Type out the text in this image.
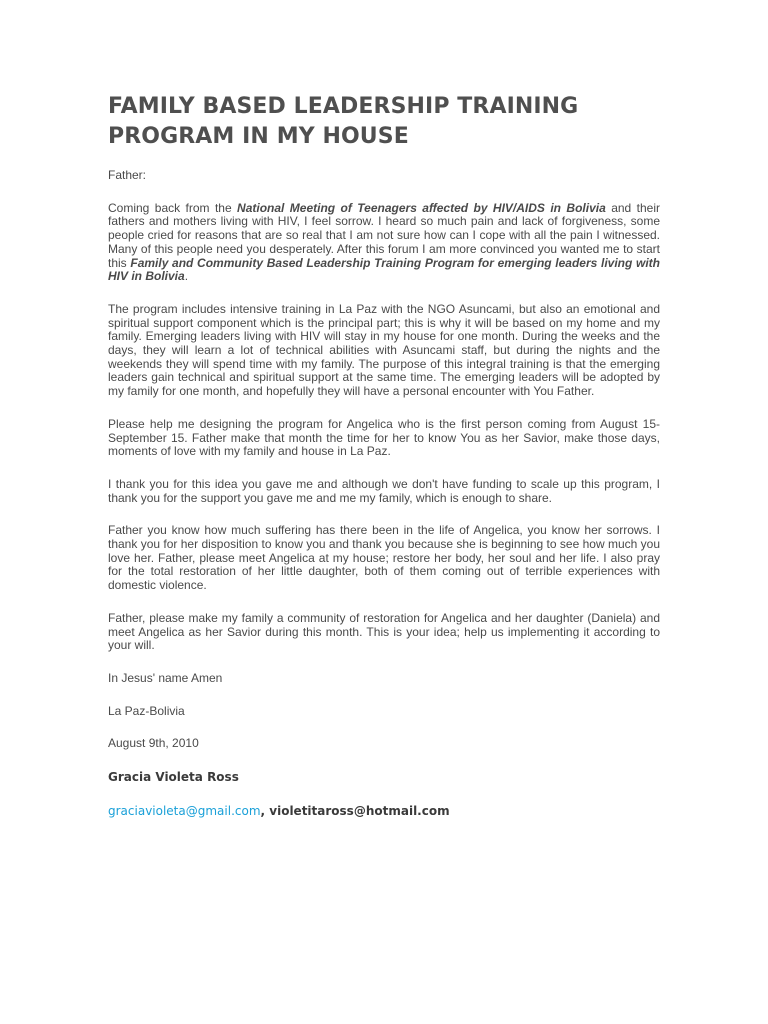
FAMILY BASED LEADERSHIP TRAINING PROGRAM IN MY HOUSE

Father:

Coming back from the National Meeting of Teenagers affected by HIV/AIDS in Bolivia and their fathers and mothers living with HIV, I feel sorrow. I heard so much pain and lack of forgiveness, some people cried for reasons that are so real that I am not sure how can I cope with all the pain I witnessed. Many of this people need you desperately. After this forum I am more convinced you wanted me to start this Family and Community Based Leadership Training Program for emerging leaders living with HIV in Bolivia.

The program includes intensive training in La Paz with the NGO Asuncami, but also an emotional and spiritual support component which is the principal part; this is why it will be based on my home and my family. Emerging leaders living with HIV will stay in my house for one month. During the weeks and the days, they will learn a lot of technical abilities with Asuncami staff, but during the nights and the weekends they will spend time with my family. The purpose of this integral training is that the emerging leaders gain technical and spiritual support at the same time. The emerging leaders will be adopted by my family for one month, and hopefully they will have a personal encounter with You Father.

Please help me designing the program for Angelica who is the first person coming from August 15-September 15. Father make that month the time for her to know You as her Savior, make those days, moments of love with my family and house in La Paz.

I thank you for this idea you gave me and although we don't have funding to scale up this program, I thank you for the support you gave me and me my family, which is enough to share.

Father you know how much suffering has there been in the life of Angelica, you know her sorrows. I thank you for her disposition to know you and thank you because she is beginning to see how much you love her. Father, please meet Angelica at my house; restore her body, her soul and her life. I also pray for the total restoration of her little daughter, both of them coming out of terrible experiences with domestic violence.

Father, please make my family a community of restoration for Angelica and her daughter (Daniela) and meet Angelica as her Savior during this month. This is your idea; help us implementing it according to your will.

In Jesus' name Amen

La Paz-Bolivia

August 9th, 2010

Gracia Violeta Ross
graciavioleta@gmail.com, violetitaross@hotmail.com
